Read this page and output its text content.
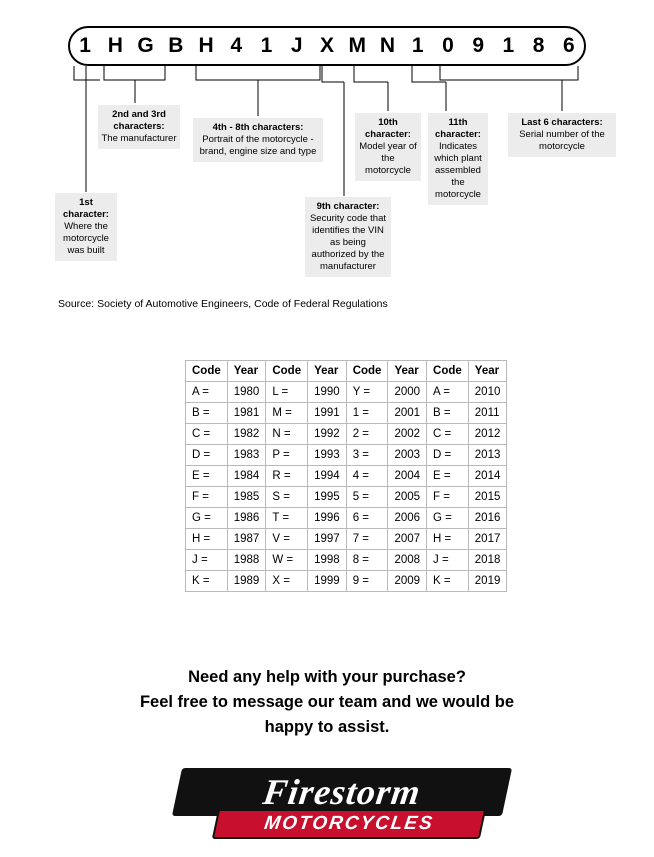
1 H G B H 4 1 J X M N 1 0 9 1 8 6
1st character:
Where the motorcycle was built
2nd and 3rd characters:
The manufacturer
4th - 8th characters:
Portrait of the motorcycle - brand, engine size and type
9th character:
Security code that identifies the VIN as being authorized by the manufacturer
10th character:
Model year of the motorcycle
11th character:
Indicates which plant assembled the motorcycle
Last 6 characters:
Serial number of the motorcycle
Source: Society of Automotive Engineers, Code of Federal Regulations
Code	Year	Code	Year	Code	Year	Code	Year
A =	1980	L =	1990	Y =	2000	A =	2010
B =	1981	M =	1991	1 =	2001	B =	2011
C =	1982	N =	1992	2 =	2002	C =	2012
D =	1983	P =	1993	3 =	2003	D =	2013
E =	1984	R =	1994	4 =	2004	E =	2014
F =	1985	S =	1995	5 =	2005	F =	2015
G =	1986	T =	1996	6 =	2006	G =	2016
H =	1987	V =	1997	7 =	2007	H =	2017
J =	1988	W =	1998	8 =	2008	J =	2018
K =	1989	X =	1999	9 =	2009	K =	2019
Need any help with your purchase?
Feel free to message our team and we would be
happy to assist.
Firestorm
MOTORCYCLES
